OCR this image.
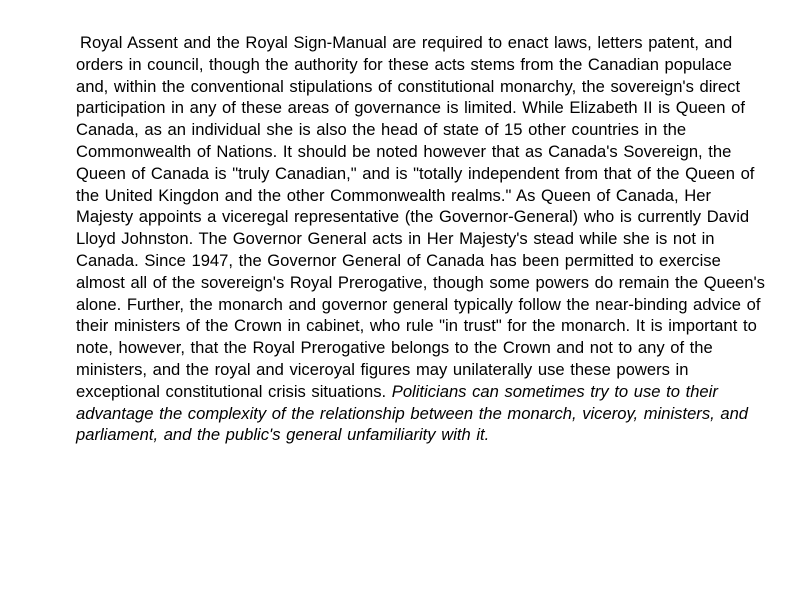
Royal Assent and the Royal Sign-Manual are required to enact laws, letters patent, and orders in council, though the authority for these acts stems from the Canadian populace and, within the conventional stipulations of constitutional monarchy, the sovereign's direct participation in any of these areas of governance is limited. While Elizabeth II is Queen of Canada, as an individual she is also the head of state of 15 other countries in the Commonwealth of Nations. It should be noted however that as Canada's Sovereign, the Queen of Canada is "truly Canadian," and is "totally independent from that of the Queen of the United Kingdon and the other Commonwealth realms." As Queen of Canada, Her Majesty appoints a viceregal representative (the Governor-General) who is currently David Lloyd Johnston. The Governor General acts in Her Majesty's stead while she is not in Canada. Since 1947, the Governor General of Canada has been permitted to exercise almost all of the sovereign's Royal Prerogative, though some powers do remain the Queen's alone. Further, the monarch and governor general typically follow the near-binding advice of their ministers of the Crown in cabinet, who rule "in trust" for the monarch. It is important to note, however, that the Royal Prerogative belongs to the Crown and not to any of the ministers, and the royal and viceroyal figures may unilaterally use these powers in exceptional constitutional crisis situations. Politicians can sometimes try to use to their advantage the complexity of the relationship between the monarch, viceroy, ministers, and parliament, and the public's general unfamiliarity with it.
